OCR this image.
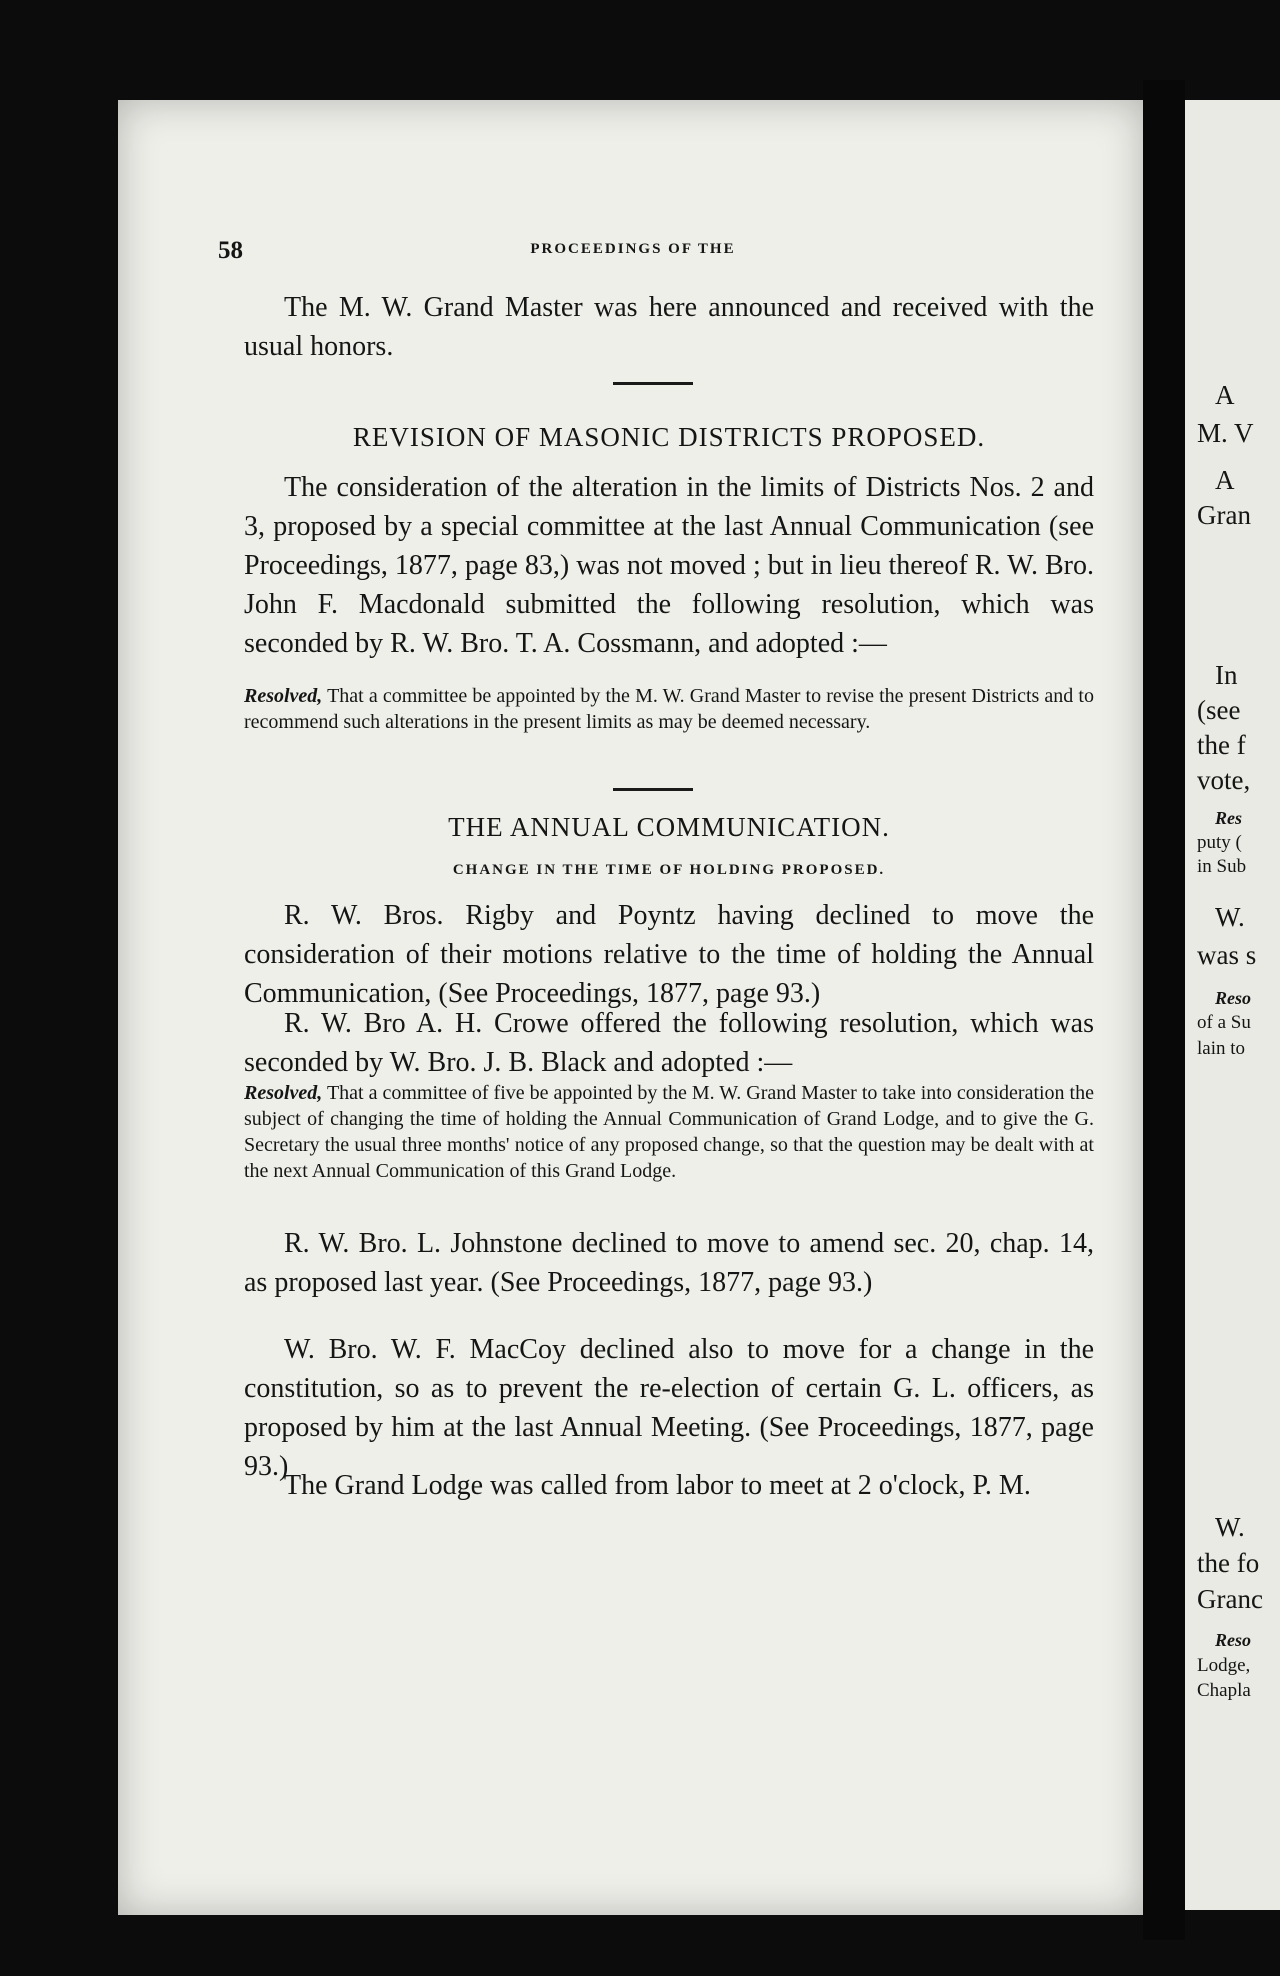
58	PROCEEDINGS OF THE

The M. W. Grand Master was here announced and received with the usual honors.

REVISION OF MASONIC DISTRICTS PROPOSED.

The consideration of the alteration in the limits of Districts Nos. 2 and 3, proposed by a special committee at the last Annual Communication (see Proceedings, 1877, page 83,) was not moved ; but in lieu thereof R. W. Bro. John F. Macdonald submitted the following resolution, which was seconded by R. W. Bro. T. A. Cossmann, and adopted :—

Resolved, That a committee be appointed by the M. W. Grand Master to revise the present Districts and to recommend such alterations in the present limits as may be deemed necessary.

THE ANNUAL COMMUNICATION.
CHANGE IN THE TIME OF HOLDING PROPOSED.

R. W. Bros. Rigby and Poyntz having declined to move the consideration of their motions relative to the time of holding the Annual Communication, (See Proceedings, 1877, page 93.)

R. W. Bro A. H. Crowe offered the following resolution, which was seconded by W. Bro. J. B. Black and adopted :—

Resolved, That a committee of five be appointed by the M. W. Grand Master to take into consideration the subject of changing the time of holding the Annual Communication of Grand Lodge, and to give the G. Secretary the usual three months' notice of any proposed change, so that the question may be dealt with at the next Annual Communication of this Grand Lodge.

R. W. Bro. L. Johnstone declined to move to amend sec. 20, chap. 14, as proposed last year. (See Proceedings, 1877, page 93.)

W. Bro. W. F. MacCoy declined also to move for a change in the constitution, so as to prevent the re-election of certain G. L. officers, as proposed by him at the last Annual Meeting. (See Proceedings, 1877, page 93.)

The Grand Lodge was called from labor to meet at 2 o'clock, P. M.

A
M. V
A
Gran
In
(see
the f
vote,
Res
puty (
in Sub
W.
was s
Reso
of a Su
lain to
W.
the fo
Granc
Reso
Lodge,
Chapla
